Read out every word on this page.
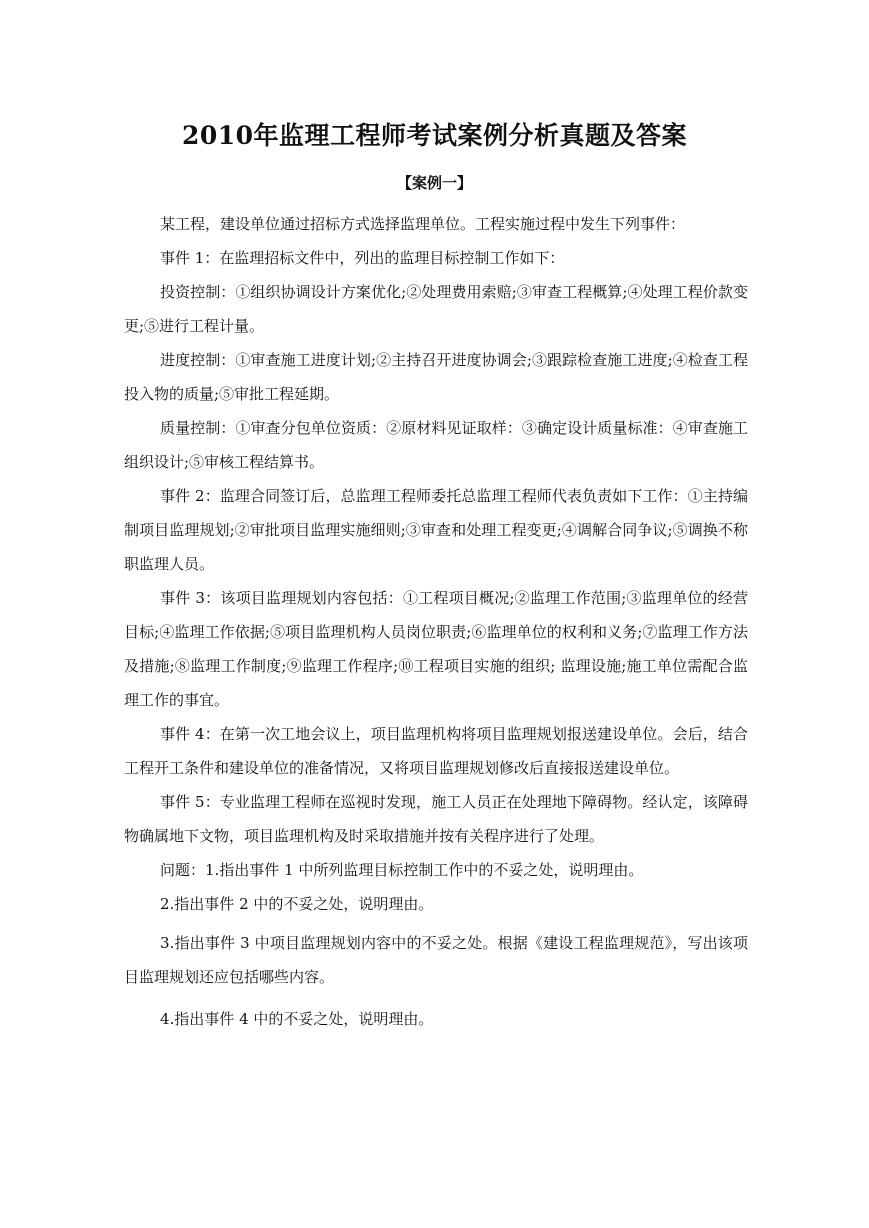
2010年监理工程师考试案例分析真题及答案
【案例一】

某工程，建设单位通过招标方式选择监理单位。工程实施过程中发生下列事件：

事件 1：在监理招标文件中，列出的监理目标控制工作如下：

投资控制：①组织协调设计方案优化;②处理费用索赔;③审查工程概算;④处理工程价款变更;⑤进行工程计量。

进度控制：①审查施工进度计划;②主持召开进度协调会;③跟踪检查施工进度;④检查工程投入物的质量;⑤审批工程延期。

质量控制：①审查分包单位资质：②原材料见证取样：③确定设计质量标准：④审查施工组织设计;⑤审核工程结算书。

事件 2：监理合同签订后，总监理工程师委托总监理工程师代表负责如下工作：①主持编制项目监理规划;②审批项目监理实施细则;③审查和处理工程变更;④调解合同争议;⑤调换不称职监理人员。

事件 3：该项目监理规划内容包括：①工程项目概况;②监理工作范围;③监理单位的经营目标;④监理工作依据;⑤项目监理机构人员岗位职责;⑥监理单位的权利和义务;⑦监理工作方法及措施;⑧监理工作制度;⑨监理工作程序;⑩工程项目实施的组织; 监理设施;施工单位需配合监理工作的事宜。

事件 4：在第一次工地会议上，项目监理机构将项目监理规划报送建设单位。会后，结合工程开工条件和建设单位的准备情况，又将项目监理规划修改后直接报送建设单位。

事件 5：专业监理工程师在巡视时发现，施工人员正在处理地下障碍物。经认定，该障碍物确属地下文物，项目监理机构及时采取措施并按有关程序进行了处理。

问题：1.指出事件 1 中所列监理目标控制工作中的不妥之处，说明理由。

2.指出事件 2 中的不妥之处，说明理由。

3.指出事件 3 中项目监理规划内容中的不妥之处。根据《建设工程监理规范》，写出该项目监理规划还应包括哪些内容。

4.指出事件 4 中的不妥之处，说明理由。
